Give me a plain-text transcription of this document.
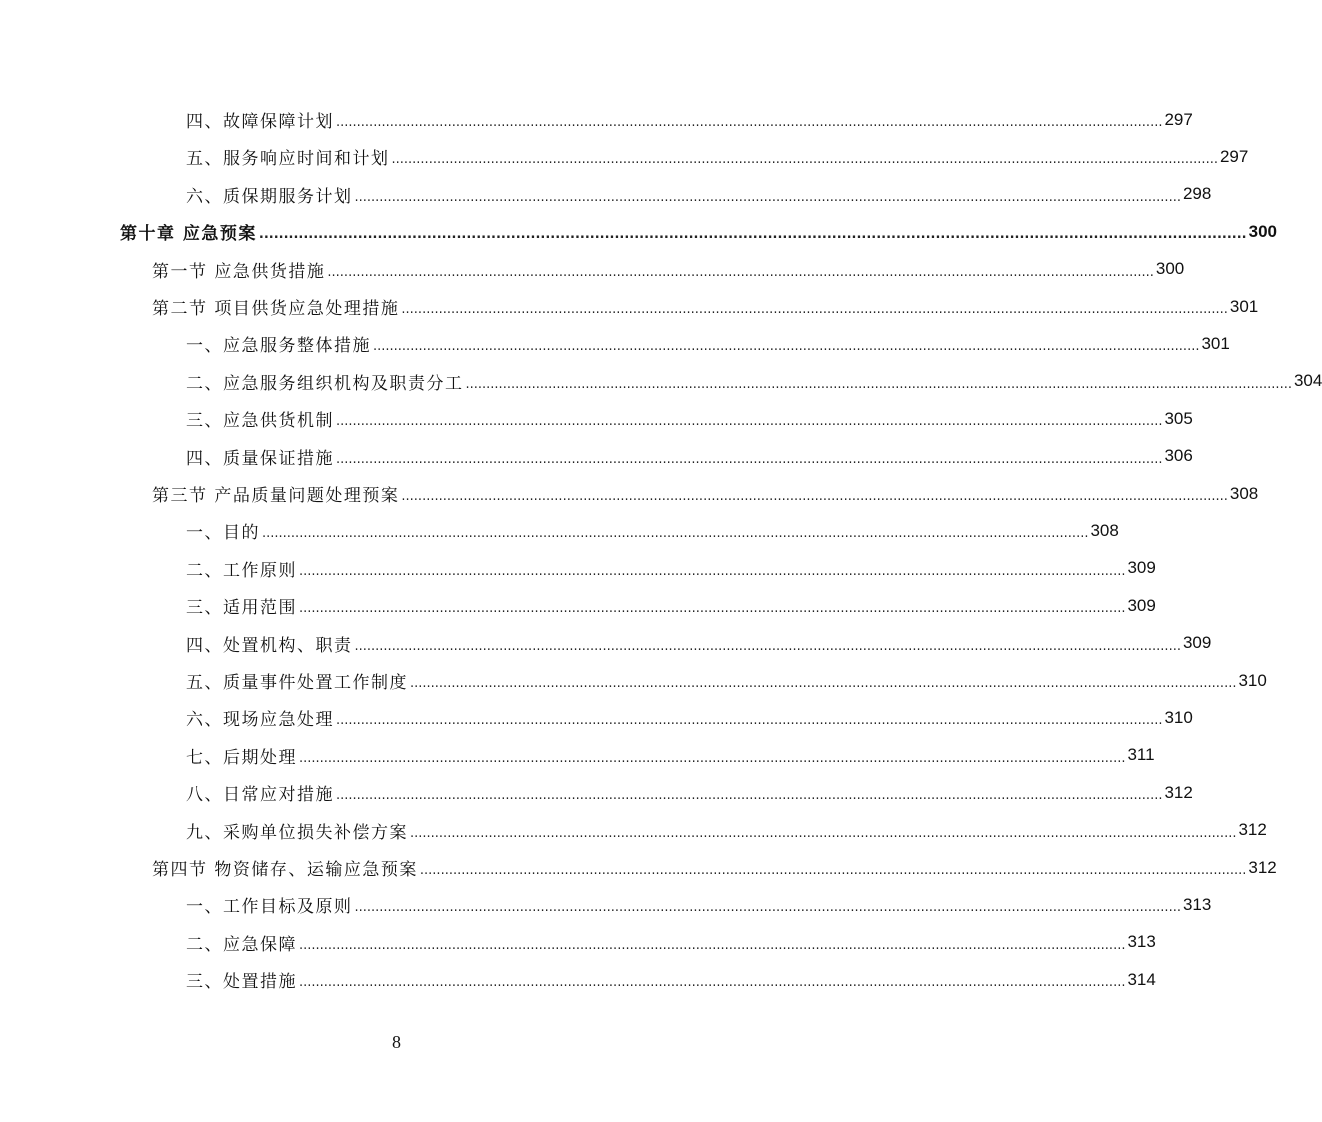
四、故障保障计划 ........................................................................................................................................................................................................ 297
五、服务响应时间和计划 ........................................................................................................................................................................................................ 297
六、质保期服务计划 ........................................................................................................................................................................................................ 298
第十章 应急预案 ........................................................................................................................................................................................................ 300
第一节 应急供货措施 ........................................................................................................................................................................................................ 300
第二节 项目供货应急处理措施 ........................................................................................................................................................................................................ 301
一、应急服务整体措施 ........................................................................................................................................................................................................ 301
二、应急服务组织机构及职责分工 ........................................................................................................................................................................................................ 304
三、应急供货机制 ........................................................................................................................................................................................................ 305
四、质量保证措施 ........................................................................................................................................................................................................ 306
第三节 产品质量问题处理预案 ........................................................................................................................................................................................................ 308
一、目的 ........................................................................................................................................................................................................ 308
二、工作原则 ........................................................................................................................................................................................................ 309
三、适用范围 ........................................................................................................................................................................................................ 309
四、处置机构、职责 ........................................................................................................................................................................................................ 309
五、质量事件处置工作制度 ........................................................................................................................................................................................................ 310
六、现场应急处理 ........................................................................................................................................................................................................ 310
七、后期处理 ........................................................................................................................................................................................................ 311
八、日常应对措施 ........................................................................................................................................................................................................ 312
九、采购单位损失补偿方案 ........................................................................................................................................................................................................ 312
第四节 物资储存、运输应急预案 ........................................................................................................................................................................................................ 312
一、工作目标及原则 ........................................................................................................................................................................................................ 313
二、应急保障 ........................................................................................................................................................................................................ 313
三、处置措施 ........................................................................................................................................................................................................ 314
8
